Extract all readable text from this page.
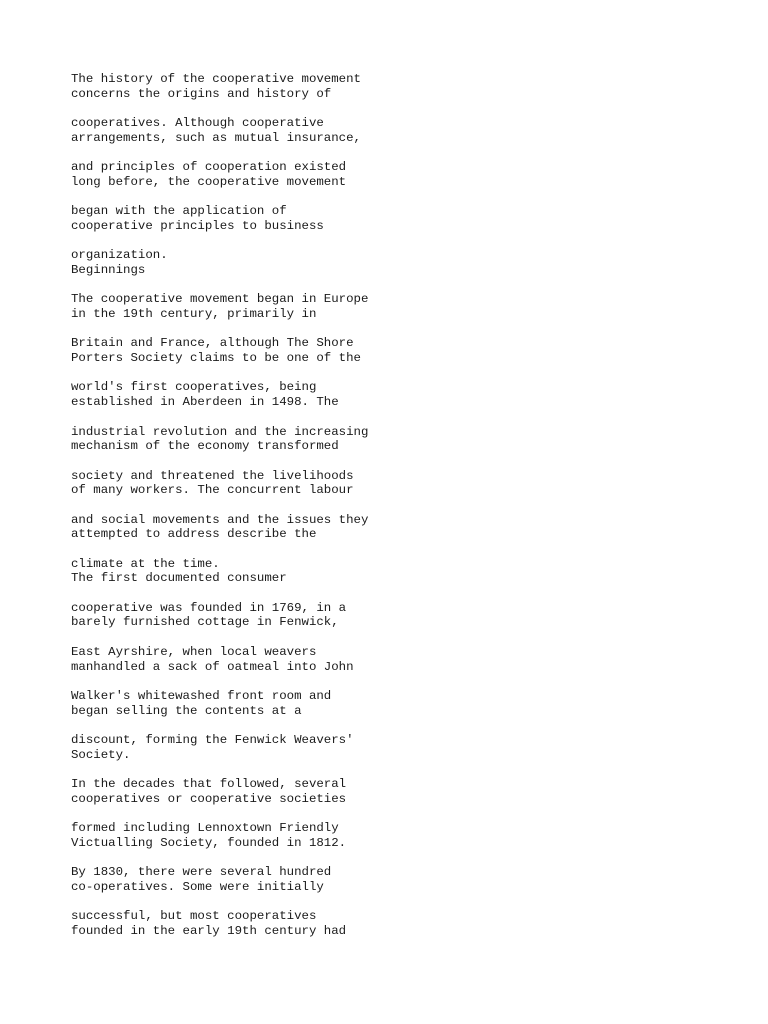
The history of the cooperative movement
concerns the origins and history of
cooperatives. Although cooperative
arrangements, such as mutual insurance,
and principles of cooperation existed
long before, the cooperative movement
began with the application of
cooperative principles to business
organization.
Beginnings
The cooperative movement began in Europe
in the 19th century, primarily in
Britain and France, although The Shore
Porters Society claims to be one of the
world's first cooperatives, being
established in Aberdeen in 1498. The
industrial revolution and the increasing
mechanism of the economy transformed
society and threatened the livelihoods
of many workers. The concurrent labour
and social movements and the issues they
attempted to address describe the
climate at the time.
The first documented consumer
cooperative was founded in 1769, in a
barely furnished cottage in Fenwick,
East Ayrshire, when local weavers
manhandled a sack of oatmeal into John
Walker's whitewashed front room and
began selling the contents at a
discount, forming the Fenwick Weavers'
Society.
In the decades that followed, several
cooperatives or cooperative societies
formed including Lennoxtown Friendly
Victualling Society, founded in 1812.
By 1830, there were several hundred
co-operatives. Some were initially
successful, but most cooperatives
founded in the early 19th century had
